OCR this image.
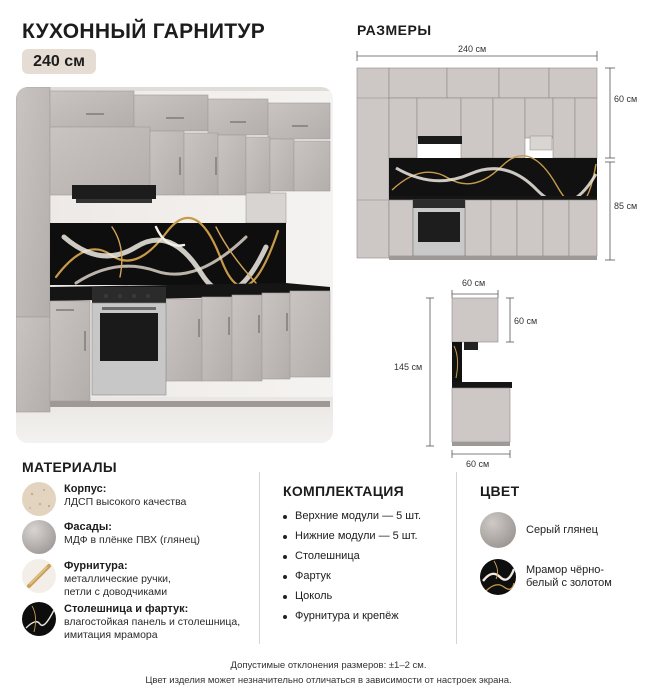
КУХОННЫЙ ГАРНИТУР
240 см
РАЗМЕРЫ
240 см
60 см
85 см
60 см
60 см
145 см
60 см
МАТЕРИАЛЫ
Корпус:
ЛДСП высокого качества
Фасады:
МДФ в плёнке ПВХ (глянец)
Фурнитура:
металлические ручки,
петли с доводчиками
Столешница и фартук:
влагостойкая панель и столешница,
имитация мрамора
КОМПЛЕКТАЦИЯ
Верхние модули — 5 шт.
Нижние модули — 5 шт.
Столешница
Фартук
Цоколь
Фурнитура и крепёж
ЦВЕТ
Серый глянец
Мрамор чёрно-
белый с золотом
Допустимые отклонения размеров: ±1–2 см.
Цвет изделия может незначительно отличаться в зависимости от настроек экрана.
